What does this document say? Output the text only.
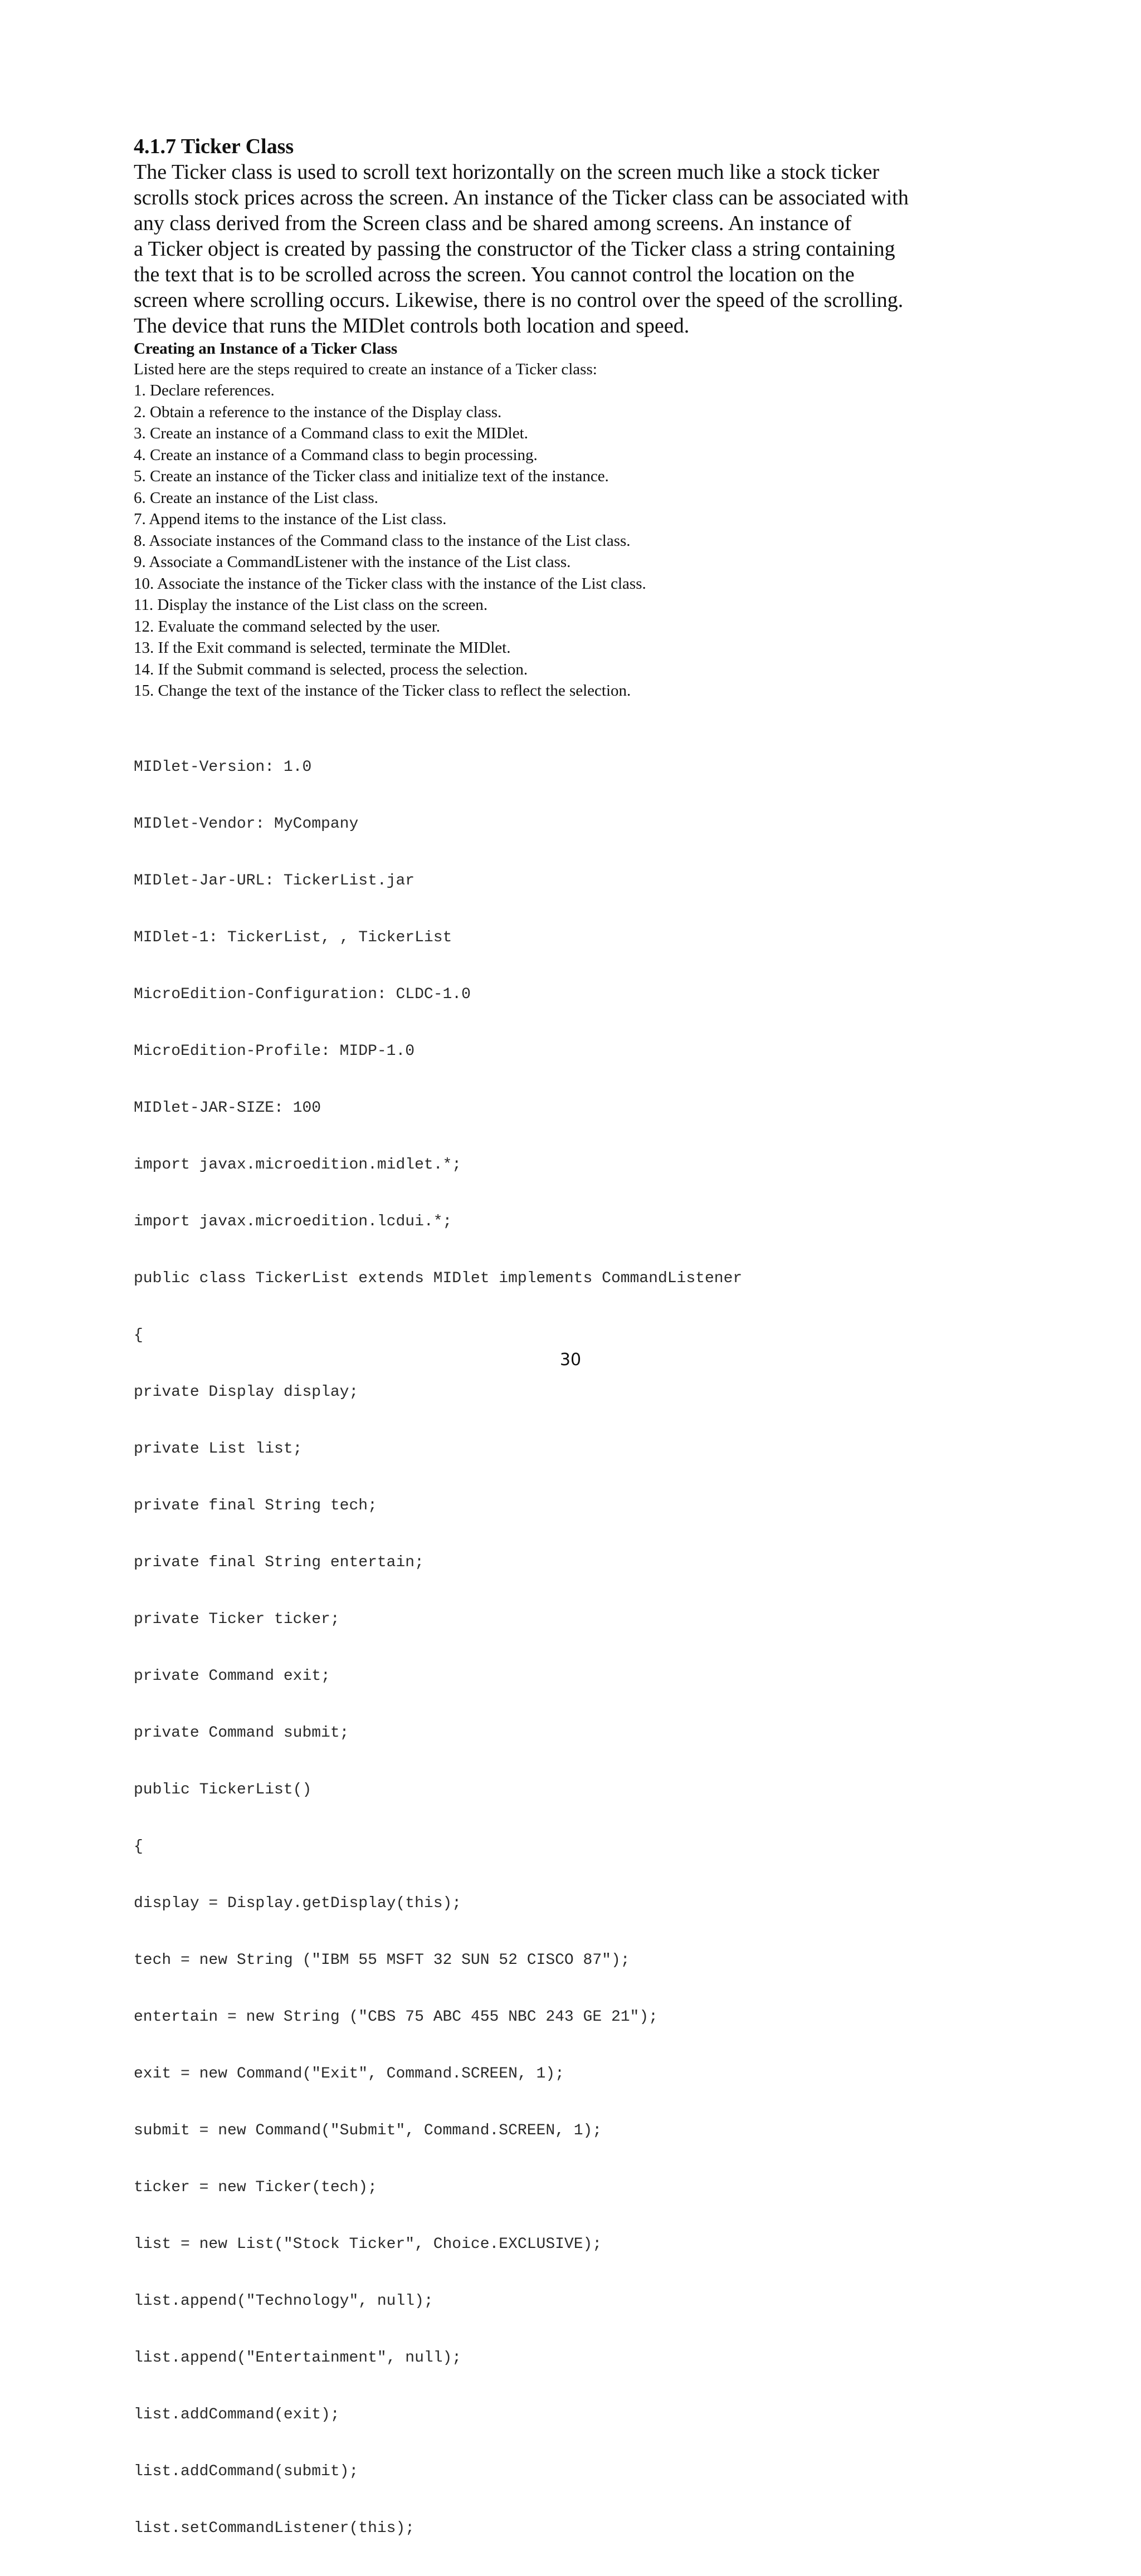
4.1.7 Ticker Class

The Ticker class is used to scroll text horizontally on the screen much like a stock ticker
scrolls stock prices across the screen. An instance of the Ticker class can be associated with
any class derived from the Screen class and be shared among screens. An instance of
a Ticker object is created by passing the constructor of the Ticker class a string containing
the text that is to be scrolled across the screen. You cannot control the location on the
screen where scrolling occurs. Likewise, there is no control over the speed of the scrolling.
The device that runs the MIDlet controls both location and speed.

Creating an Instance of a Ticker Class

Listed here are the steps required to create an instance of a Ticker class:

1. Declare references.
2. Obtain a reference to the instance of the Display class.
3. Create an instance of a Command class to exit the MIDlet.
4. Create an instance of a Command class to begin processing.
5. Create an instance of the Ticker class and initialize text of the instance.
6. Create an instance of the List class.
7. Append items to the instance of the List class.
8. Associate instances of the Command class to the instance of the List class.
9. Associate a CommandListener with the instance of the List class.
10. Associate the instance of the Ticker class with the instance of the List class.
11. Display the instance of the List class on the screen.
12. Evaluate the command selected by the user.
13. If the Exit command is selected, terminate the MIDlet.
14. If the Submit command is selected, process the selection.
15. Change the text of the instance of the Ticker class to reflect the selection.

MIDlet-Version: 1.0

MIDlet-Vendor: MyCompany

MIDlet-Jar-URL: TickerList.jar

MIDlet-1: TickerList, , TickerList

MicroEdition-Configuration: CLDC-1.0

MicroEdition-Profile: MIDP-1.0

MIDlet-JAR-SIZE: 100

import javax.microedition.midlet.*;

import javax.microedition.lcdui.*;

public class TickerList extends MIDlet implements CommandListener

{

private Display display;

private List list;

private final String tech;

private final String entertain;

private Ticker ticker;

private Command exit;

private Command submit;

public TickerList()

{

display = Display.getDisplay(this);

tech = new String ("IBM 55 MSFT 32 SUN 52 CISCO 87");

entertain = new String ("CBS 75 ABC 455 NBC 243 GE 21");

exit = new Command("Exit", Command.SCREEN, 1);

submit = new Command("Submit", Command.SCREEN, 1);

ticker = new Ticker(tech);

list = new List("Stock Ticker", Choice.EXCLUSIVE);

list.append("Technology", null);

list.append("Entertainment", null);

list.addCommand(exit);

list.addCommand(submit);

list.setCommandListener(this);

30
